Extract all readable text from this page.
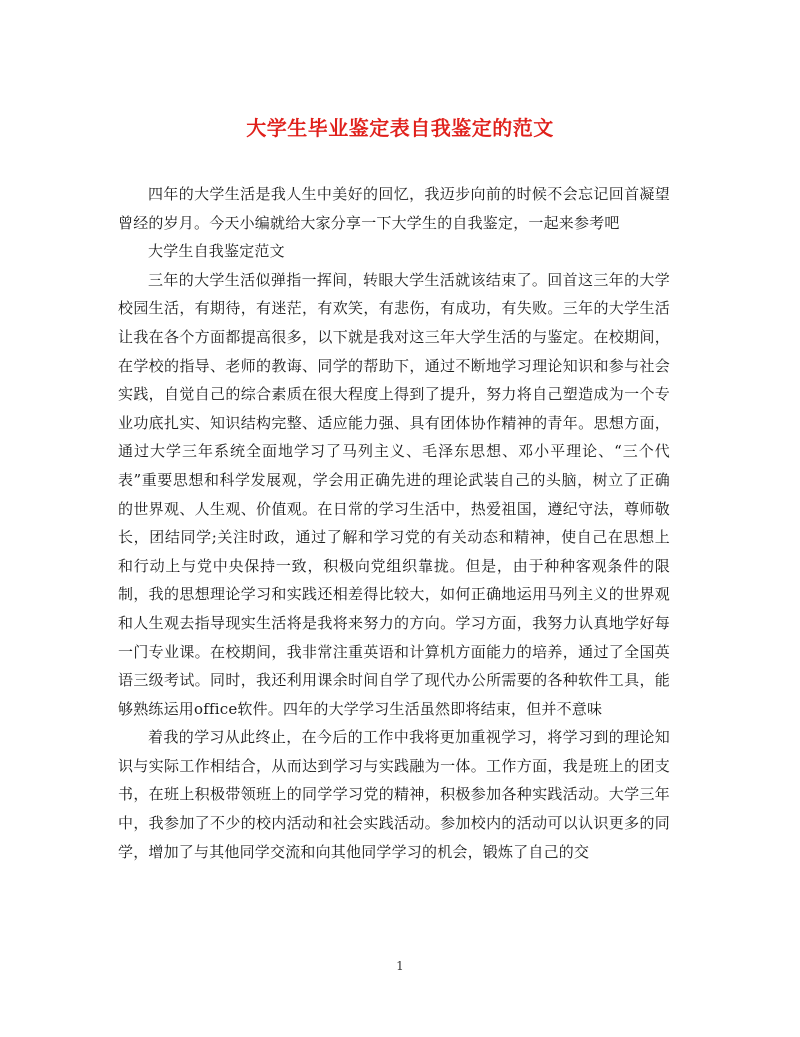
大学生毕业鉴定表自我鉴定的范文

四年的大学生活是我人生中美好的回忆，我迈步向前的时候不会忘记回首凝望曾经的岁月。今天小编就给大家分享一下大学生的自我鉴定，一起来参考吧

大学生自我鉴定范文

三年的大学生活似弹指一挥间，转眼大学生活就该结束了。回首这三年的大学校园生活，有期待，有迷茫，有欢笑，有悲伤，有成功，有失败。三年的大学生活让我在各个方面都提高很多，以下就是我对这三年大学生活的与鉴定。在校期间，在学校的指导、老师的教诲、同学的帮助下，通过不断地学习理论知识和参与社会实践，自觉自己的综合素质在很大程度上得到了提升，努力将自己塑造成为一个专业功底扎实、知识结构完整、适应能力强、具有团体协作精神的青年。思想方面，通过大学三年系统全面地学习了马列主义、毛泽东思想、邓小平理论、“三个代表”重要思想和科学发展观，学会用正确先进的理论武装自己的头脑，树立了正确的世界观、人生观、价值观。在日常的学习生活中，热爱祖国，遵纪守法，尊师敬长，团结同学;关注时政，通过了解和学习党的有关动态和精神，使自己在思想上和行动上与党中央保持一致，积极向党组织靠拢。但是，由于种种客观条件的限制，我的思想理论学习和实践还相差得比较大，如何正确地运用马列主义的世界观和人生观去指导现实生活将是我将来努力的方向。学习方面，我努力认真地学好每一门专业课。在校期间，我非常注重英语和计算机方面能力的培养，通过了全国英语三级考试。同时，我还利用课余时间自学了现代办公所需要的各种软件工具，能够熟练运用office软件。四年的大学学习生活虽然即将结束，但并不意味

着我的学习从此终止，在今后的工作中我将更加重视学习，将学习到的理论知识与实际工作相结合，从而达到学习与实践融为一体。工作方面，我是班上的团支书，在班上积极带领班上的同学学习党的精神，积极参加各种实践活动。大学三年中，我参加了不少的校内活动和社会实践活动。参加校内的活动可以认识更多的同学，增加了与其他同学交流和向其他同学学习的机会，锻炼了自己的交

1
